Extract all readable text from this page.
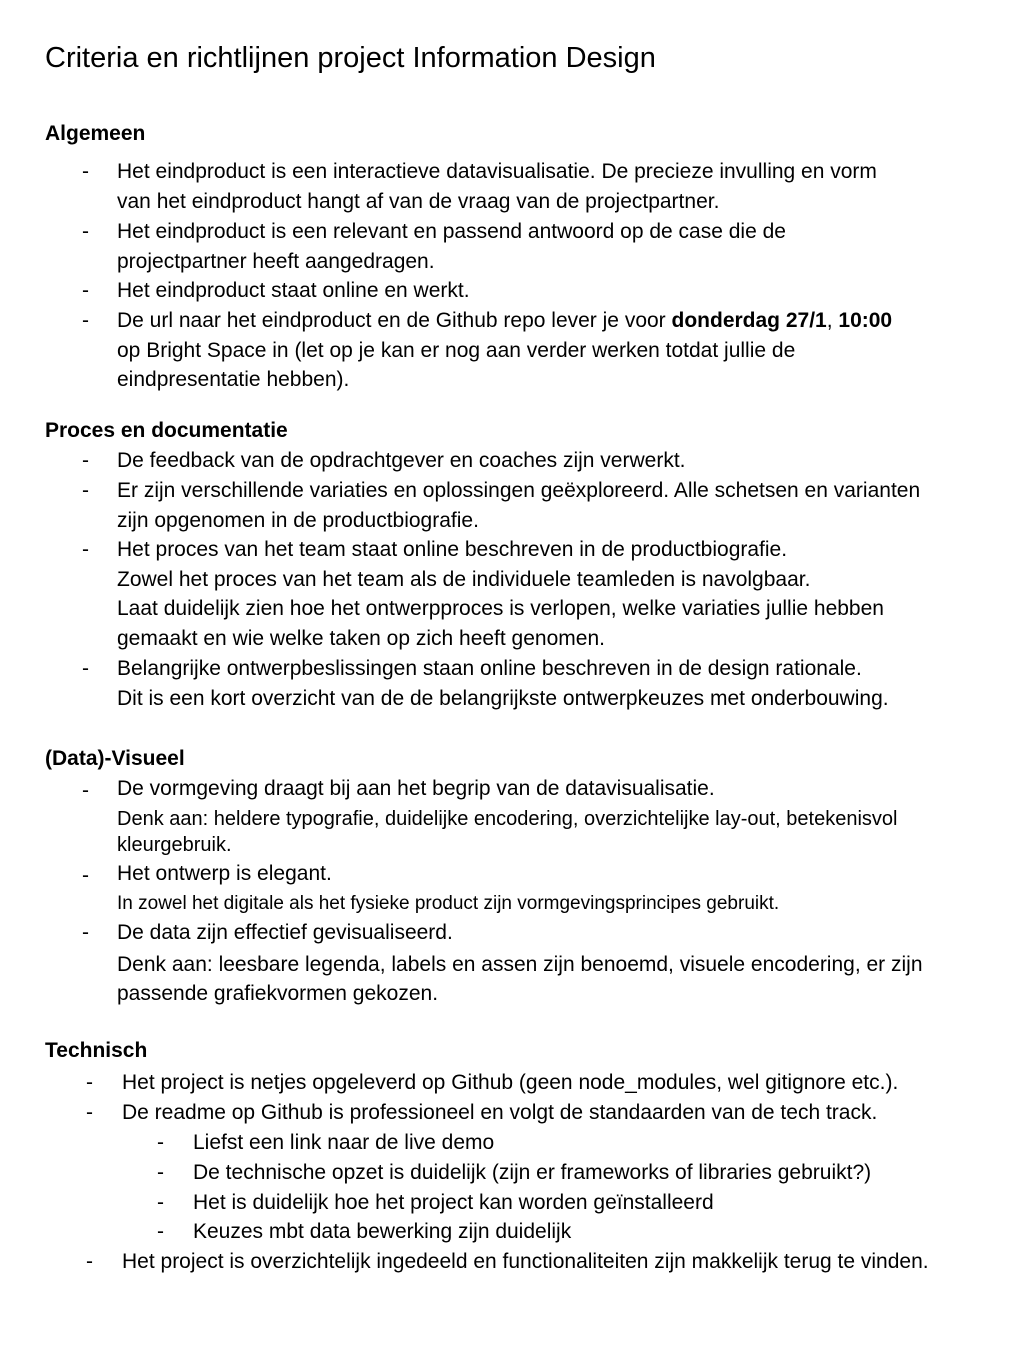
Criteria en richtlijnen project Information Design
Algemeen
- Het eindproduct is een interactieve datavisualisatie. De precieze invulling en vorm
van het eindproduct hangt af van de vraag van de projectpartner.
- Het eindproduct is een relevant en passend antwoord op de case die de
projectpartner heeft aangedragen.
- Het eindproduct staat online en werkt.
- De url naar het eindproduct en de Github repo lever je voor donderdag 27/1, 10:00
op Bright Space in (let op je kan er nog aan verder werken totdat jullie de
eindpresentatie hebben).
Proces en documentatie
- De feedback van de opdrachtgever en coaches zijn verwerkt.
- Er zijn verschillende variaties en oplossingen geëxploreerd. Alle schetsen en varianten
zijn opgenomen in de productbiografie.
- Het proces van het team staat online beschreven in de productbiografie.
Zowel het proces van het team als de individuele teamleden is navolgbaar.
Laat duidelijk zien hoe het ontwerpproces is verlopen, welke variaties jullie hebben
gemaakt en wie welke taken op zich heeft genomen.
- Belangrijke ontwerpbeslissingen staan online beschreven in de design rationale.
Dit is een kort overzicht van de de belangrijkste ontwerpkeuzes met onderbouwing.
(Data)-Visueel
- De vormgeving draagt bij aan het begrip van de datavisualisatie.
Denk aan: heldere typografie, duidelijke encodering, overzichtelijke lay-out, betekenisvol
kleurgebruik.
- Het ontwerp is elegant.
In zowel het digitale als het fysieke product zijn vormgevingsprincipes gebruikt.
- De data zijn effectief gevisualiseerd.
Denk aan: leesbare legenda, labels en assen zijn benoemd, visuele encodering, er zijn
passende grafiekvormen gekozen.
Technisch
- Het project is netjes opgeleverd op Github (geen node_modules, wel gitignore etc.).
- De readme op Github is professioneel en volgt de standaarden van de tech track.
- Liefst een link naar de live demo
- De technische opzet is duidelijk (zijn er frameworks of libraries gebruikt?)
- Het is duidelijk hoe het project kan worden geïnstalleerd
- Keuzes mbt data bewerking zijn duidelijk
- Het project is overzichtelijk ingedeeld en functionaliteiten zijn makkelijk terug te vinden.
